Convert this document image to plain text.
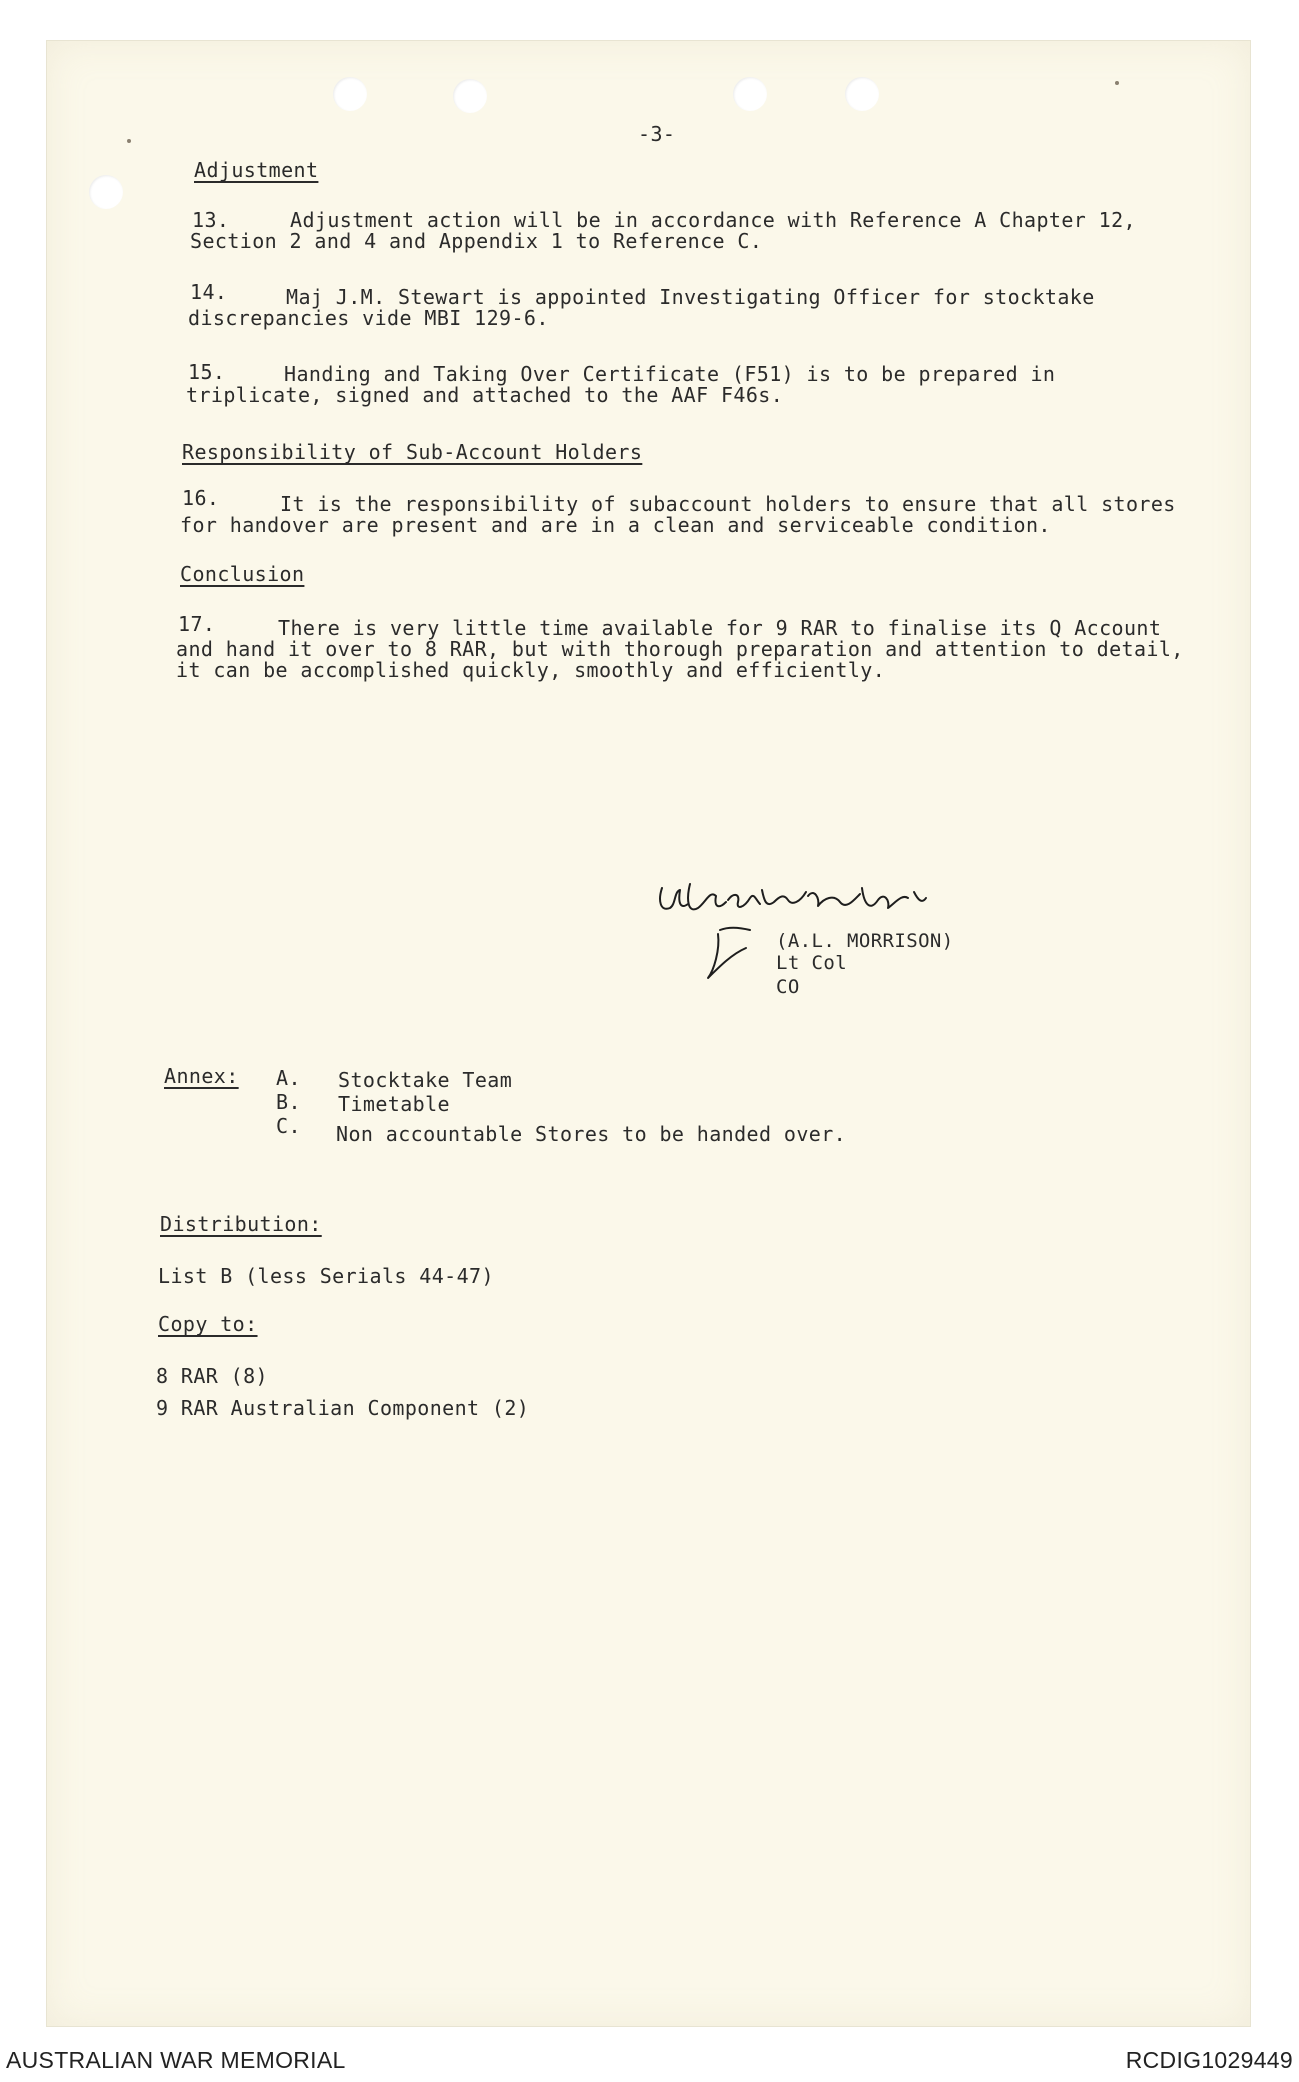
-3-
Adjustment
13.	Adjustment action will be in accordance with Reference A Chapter 12,
Section 2 and 4 and Appendix 1 to Reference C.
14.	Maj J.M. Stewart is appointed Investigating Officer for stocktake
discrepancies vide MBI 129-6.
15.	Handing and Taking Over Certificate (F51) is to be prepared in
triplicate, signed and attached to the AAF F46s.
Responsibility of Sub-Account Holders
16.	It is the responsibility of subaccount holders to ensure that all stores
for handover are present and are in a clean and serviceable condition.
Conclusion
17.	There is very little time available for 9 RAR to finalise its Q Account
and hand it over to 8 RAR, but with thorough preparation and attention to detail,
it can be accomplished quickly, smoothly and efficiently.
(A.L. MORRISON)
Lt Col
CO
Annex: A. Stocktake Team
B. Timetable
C. Non accountable Stores to be handed over.
Distribution:
List B (less Serials 44-47)
Copy to:
8 RAR (8)
9 RAR Australian Component (2)
AUSTRALIAN WAR MEMORIAL	RCDIG1029449
